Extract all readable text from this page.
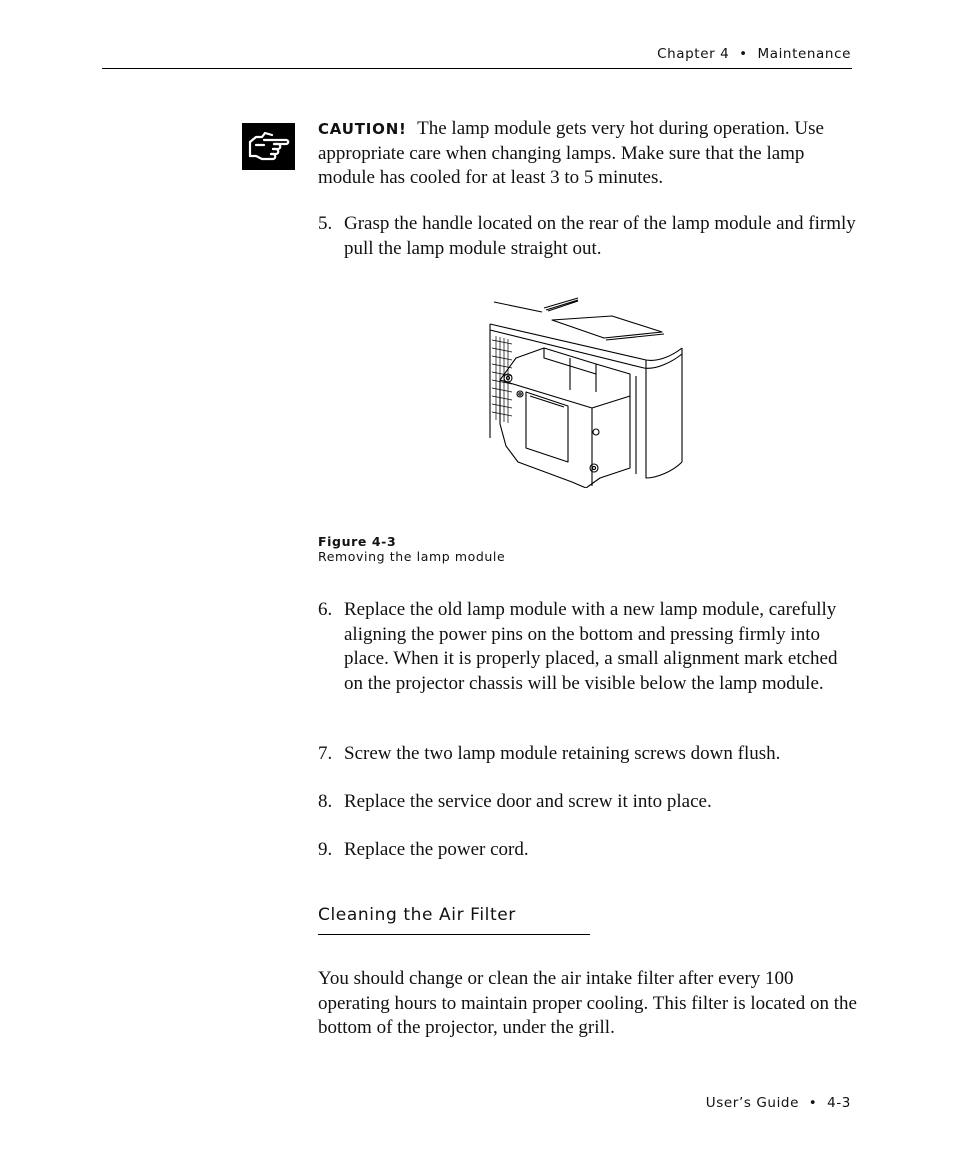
Chapter 4  •  Maintenance
CAUTION! The lamp module gets very hot during operation. Use appropriate care when changing lamps. Make sure that the lamp module has cooled for at least 3 to 5 minutes.
5. Grasp the handle located on the rear of the lamp module and firmly pull the lamp module straight out.
Figure 4-3
Removing the lamp module
6. Replace the old lamp module with a new lamp module, carefully aligning the power pins on the bottom and pressing firmly into place. When it is properly placed, a small alignment mark etched on the projector chassis will be visible below the lamp module.
7. Screw the two lamp module retaining screws down flush.
8. Replace the service door and screw it into place.
9. Replace the power cord.
Cleaning the Air Filter
You should change or clean the air intake filter after every 100 operating hours to maintain proper cooling. This filter is located on the bottom of the projector, under the grill.
User’s Guide  •  4-3
